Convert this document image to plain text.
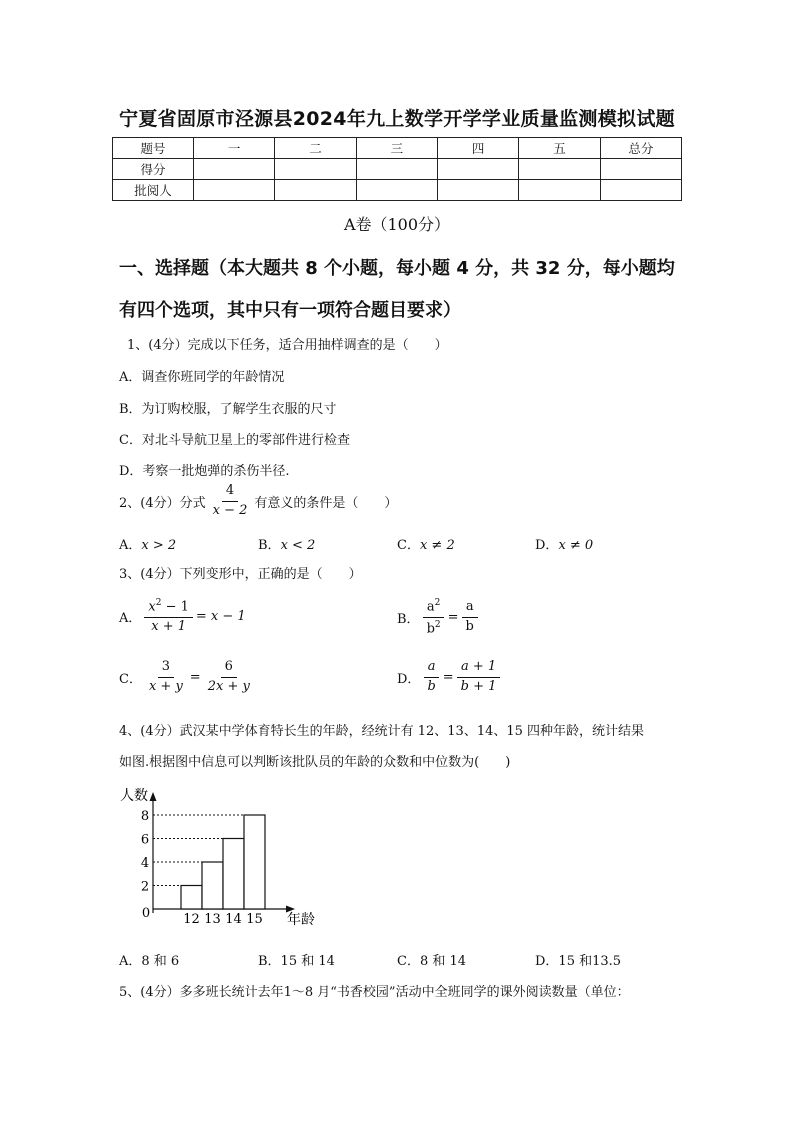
宁夏省固原市泾源县2024年九上数学开学学业质量监测模拟试题
题号	一	二	三	四	五	总分
得分						
批阅人						
A卷（100分）
一、选择题（本大题共 8 个小题，每小题 4 分，共 32 分，每小题均
有四个选项，其中只有一项符合题目要求）
1、(4分）完成以下任务，适合用抽样调查的是（　　）
A．调查你班同学的年龄情况
B．为订购校服，了解学生衣服的尺寸
C．对北斗导航卫星上的零部件进行检查
D．考察一批炮弹的杀伤半径.
2、(4分）分式 $\frac{4}{x - 2}$ 有意义的条件是（　　）
A．x > 2	B．x < 2	C．x ≠ 2	D．x ≠ 0
3、(4分）下列变形中，正确的是（　　）
A． $\frac{x^2 - 1}{x + 1} = x - 1$	B． $\frac{a^2}{b^2} = \frac{a}{b}$
C． $\frac{3}{x + y} = \frac{6}{2x + y}$	D． $\frac{a}{b} = \frac{a + 1}{b + 1}$
4、(4分）武汉某中学体育特长生的年龄，经统计有 12、13、14、15 四种年龄，统计结果
如图.根据图中信息可以判断该批队员的年龄的众数和中位数为(　　)
人数
0	年龄
2
12
4
13
6
14
8
15
A．8 和 6	B．15 和 14	C．8 和 14	D．15 和13.5
5、(4分）多多班长统计去年1～8 月“书香校园”活动中全班同学的课外阅读数量（单位：
